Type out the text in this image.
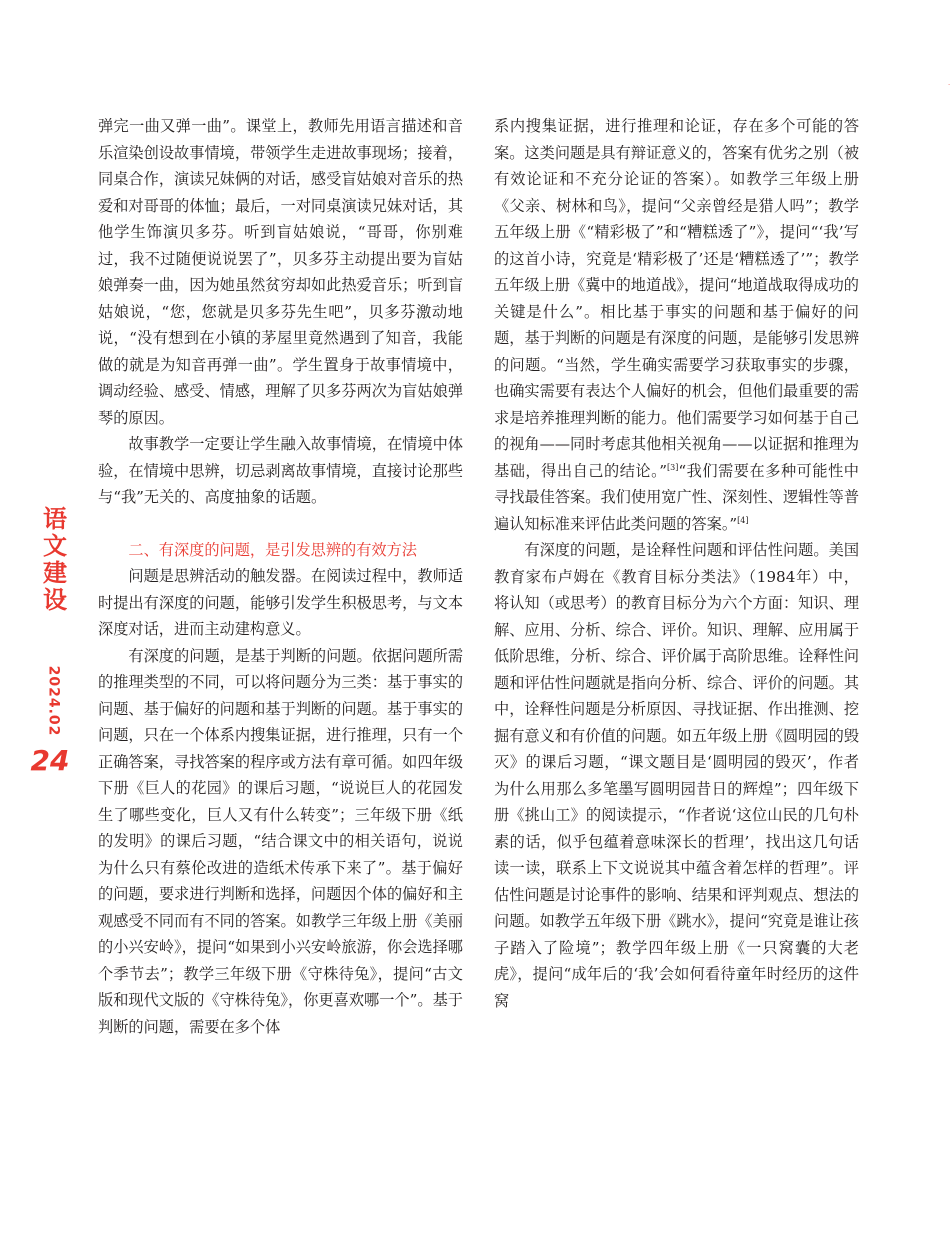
·
语
文
建
设
2024.02
24

弹完一曲又弹一曲”。课堂上，教师先用语言描述和音乐渲染创设故事情境，带领学生走进故事现场；接着，同桌合作，演读兄妹俩的对话，感受盲姑娘对音乐的热爱和对哥哥的体恤；最后，一对同桌演读兄妹对话，其他学生饰演贝多芬。听到盲姑娘说，“哥哥，你别难过，我不过随便说说罢了”，贝多芬主动提出要为盲姑娘弹奏一曲，因为她虽然贫穷却如此热爱音乐；听到盲姑娘说，“您，您就是贝多芬先生吧”，贝多芬激动地说，“没有想到在小镇的茅屋里竟然遇到了知音，我能做的就是为知音再弹一曲”。学生置身于故事情境中，调动经验、感受、情感，理解了贝多芬两次为盲姑娘弹琴的原因。

故事教学一定要让学生融入故事情境，在情境中体验，在情境中思辨，切忌剥离故事情境，直接讨论那些与“我”无关的、高度抽象的话题。

二、有深度的问题，是引发思辨的有效方法

问题是思辨活动的触发器。在阅读过程中，教师适时提出有深度的问题，能够引发学生积极思考，与文本深度对话，进而主动建构意义。

有深度的问题，是基于判断的问题。依据问题所需的推理类型的不同，可以将问题分为三类：基于事实的问题、基于偏好的问题和基于判断的问题。基于事实的问题，只在一个体系内搜集证据，进行推理，只有一个正确答案，寻找答案的程序或方法有章可循。如四年级下册《巨人的花园》的课后习题，“说说巨人的花园发生了哪些变化，巨人又有什么转变”；三年级下册《纸的发明》的课后习题，“结合课文中的相关语句，说说为什么只有蔡伦改进的造纸术传承下来了”。基于偏好的问题，要求进行判断和选择，问题因个体的偏好和主观感受不同而有不同的答案。如教学三年级上册《美丽的小兴安岭》，提问“如果到小兴安岭旅游，你会选择哪个季节去”；教学三年级下册《守株待兔》，提问“古文版和现代文版的《守株待兔》，你更喜欢哪一个”。基于判断的问题，需要在多个体

系内搜集证据，进行推理和论证，存在多个可能的答案。这类问题是具有辩证意义的，答案有优劣之别（被有效论证和不充分论证的答案）。如教学三年级上册《父亲、树林和鸟》，提问“父亲曾经是猎人吗”；教学五年级上册《“精彩极了”和“糟糕透了”》，提问“‘我’写的这首小诗，究竟是‘精彩极了’还是‘糟糕透了’”；教学五年级上册《冀中的地道战》，提问“地道战取得成功的关键是什么”。相比基于事实的问题和基于偏好的问题，基于判断的问题是有深度的问题，是能够引发思辨的问题。“当然，学生确实需要学习获取事实的步骤，也确实需要有表达个人偏好的机会，但他们最重要的需求是培养推理判断的能力。他们需要学习如何基于自己的视角——同时考虑其他相关视角——以证据和推理为基础，得出自己的结论。”[3]“我们需要在多种可能性中寻找最佳答案。我们使用宽广性、深刻性、逻辑性等普遍认知标准来评估此类问题的答案。”[4]

有深度的问题，是诠释性问题和评估性问题。美国教育家布卢姆在《教育目标分类法》（1984年）中，将认知（或思考）的教育目标分为六个方面：知识、理解、应用、分析、综合、评价。知识、理解、应用属于低阶思维，分析、综合、评价属于高阶思维。诠释性问题和评估性问题就是指向分析、综合、评价的问题。其中，诠释性问题是分析原因、寻找证据、作出推测、挖掘有意义和有价值的问题。如五年级上册《圆明园的毁灭》的课后习题，“课文题目是‘圆明园的毁灭’，作者为什么用那么多笔墨写圆明园昔日的辉煌”；四年级下册《挑山工》的阅读提示，“作者说‘这位山民的几句朴素的话，似乎包蕴着意味深长的哲理’，找出这几句话读一读，联系上下文说说其中蕴含着怎样的哲理”。评估性问题是讨论事件的影响、结果和评判观点、想法的问题。如教学五年级下册《跳水》，提问“究竟是谁让孩子踏入了险境”；教学四年级上册《一只窝囊的大老虎》，提问“成年后的‘我’会如何看待童年时经历的这件窝
